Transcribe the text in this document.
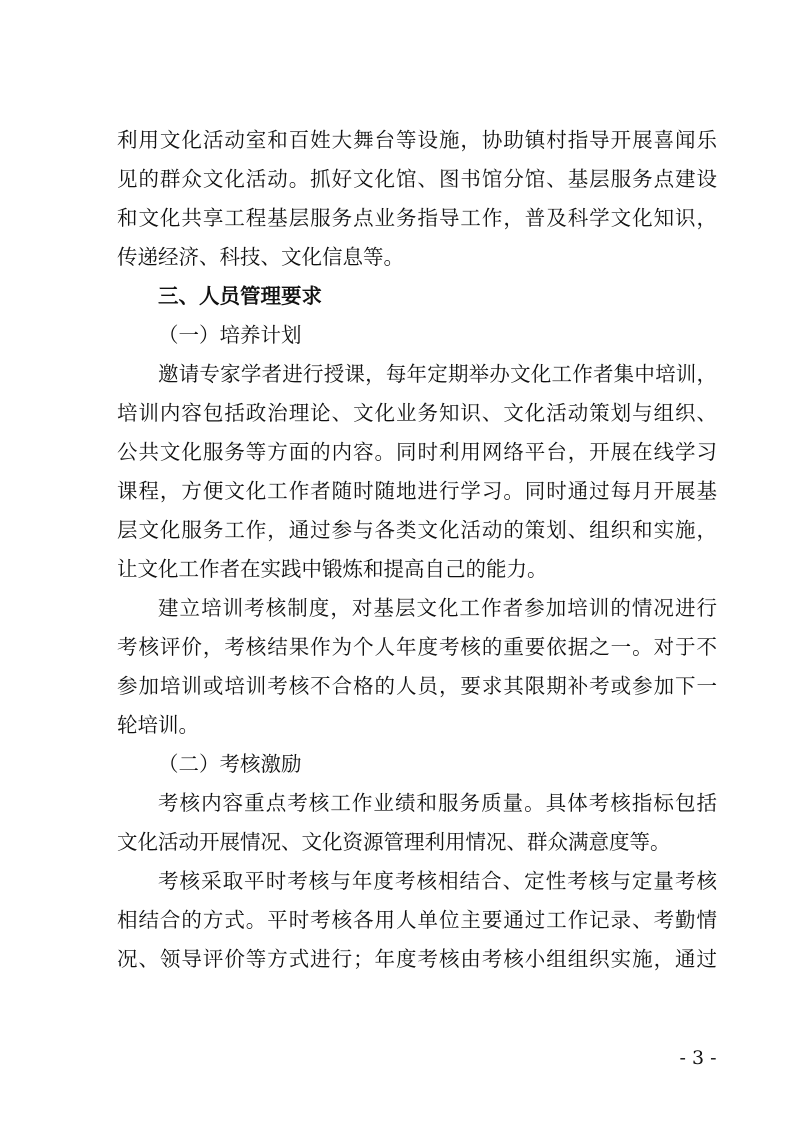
利用文化活动室和百姓大舞台等设施，协助镇村指导开展喜闻乐
见的群众文化活动。抓好文化馆、图书馆分馆、基层服务点建设
和文化共享工程基层服务点业务指导工作，普及科学文化知识，
传递经济、科技、文化信息等。
三、人员管理要求
（一）培养计划
邀请专家学者进行授课，每年定期举办文化工作者集中培训，
培训内容包括政治理论、文化业务知识、文化活动策划与组织、
公共文化服务等方面的内容。同时利用网络平台，开展在线学习
课程，方便文化工作者随时随地进行学习。同时通过每月开展基
层文化服务工作，通过参与各类文化活动的策划、组织和实施，
让文化工作者在实践中锻炼和提高自己的能力。
建立培训考核制度，对基层文化工作者参加培训的情况进行
考核评价，考核结果作为个人年度考核的重要依据之一。对于不
参加培训或培训考核不合格的人员，要求其限期补考或参加下一
轮培训。
（二）考核激励
考核内容重点考核工作业绩和服务质量。具体考核指标包括
文化活动开展情况、文化资源管理利用情况、群众满意度等。
考核采取平时考核与年度考核相结合、定性考核与定量考核
相结合的方式。平时考核各用人单位主要通过工作记录、考勤情
况、领导评价等方式进行；年度考核由考核小组组织实施，通过
- 3 -
